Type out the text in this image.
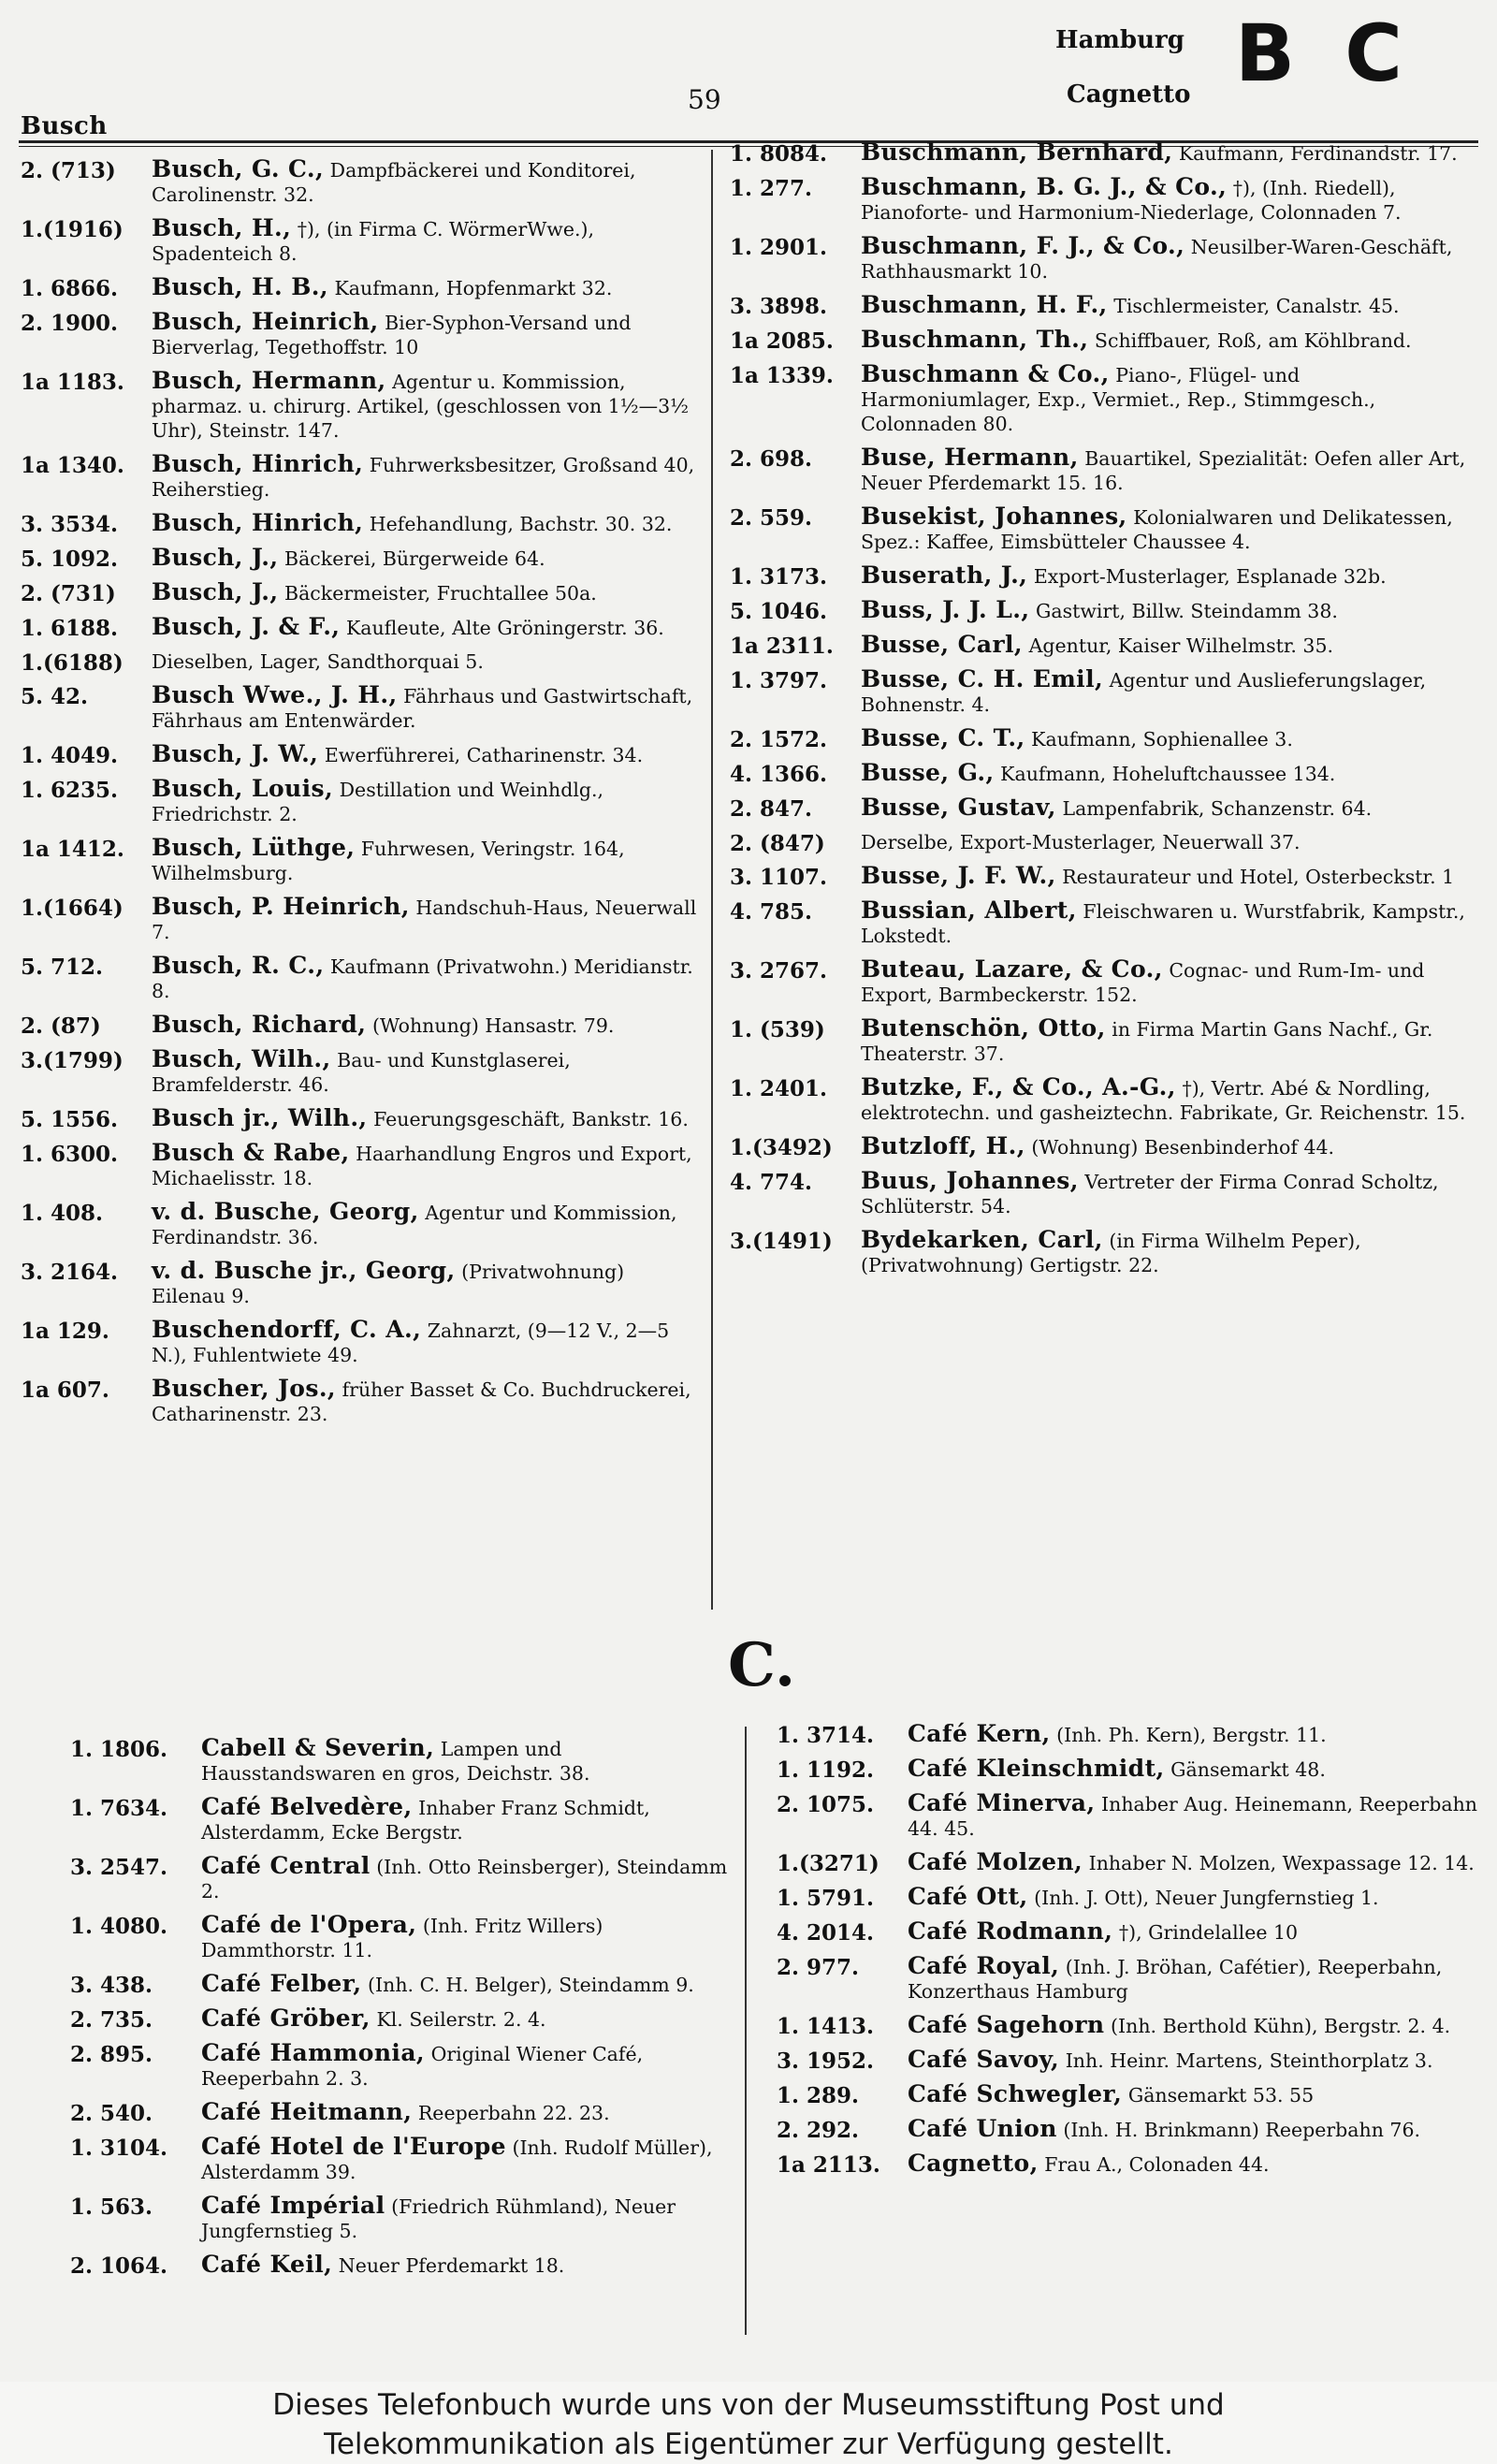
Busch
59
Hamburg
Cagnetto B C
2. (713)	Busch, G. C., Dampfbäckerei und Konditorei, Carolinenstr. 32.
1.(1916)	Busch, H., †), (in Firma C. WörmerWwe.), Spadenteich 8.
1. 6866.	Busch, H. B., Kaufmann, Hopfenmarkt 32.
2. 1900.	Busch, Heinrich, Bier-Syphon-Versand und Bierverlag, Tegethoffstr. 10
1a 1183.	Busch, Hermann, Agentur u. Kommission, pharmaz. u. chirurg. Artikel, (geschlossen von 1½—3½ Uhr), Steinstr. 147.
1a 1340.	Busch, Hinrich, Fuhrwerksbesitzer, Großsand 40, Reiherstieg.
3. 3534.	Busch, Hinrich, Hefehandlung, Bachstr. 30. 32.
5. 1092.	Busch, J., Bäckerei, Bürgerweide 64.
2. (731)	Busch, J., Bäckermeister, Fruchtallee 50a.
1. 6188.	Busch, J. & F., Kaufleute, Alte Gröningerstr. 36.
1.(6188)	Dieselben, Lager, Sandthorquai 5.
5. 42.	Busch Wwe., J. H., Fährhaus und Gastwirtschaft, Fährhaus am Entenwärder.
1. 4049.	Busch, J. W., Ewerführerei, Catharinenstr. 34.
1. 6235.	Busch, Louis, Destillation und Weinhdlg., Friedrichstr. 2.
1a 1412.	Busch, Lüthge, Fuhrwesen, Veringstr. 164, Wilhelmsburg.
1.(1664)	Busch, P. Heinrich, Handschuh-Haus, Neuerwall 7.
5. 712.	Busch, R. C., Kaufmann (Privatwohn.) Meridianstr. 8.
2. (87)	Busch, Richard, (Wohnung) Hansastr. 79.
3.(1799)	Busch, Wilh., Bau- und Kunstglaserei, Bramfelderstr. 46.
5. 1556.	Busch jr., Wilh., Feuerungsgeschäft, Bankstr. 16.
1. 6300.	Busch & Rabe, Haarhandlung Engros und Export, Michaelisstr. 18.
1. 408.	v. d. Busche, Georg, Agentur und Kommission, Ferdinandstr. 36.
3. 2164.	v. d. Busche jr., Georg, (Privatwohnung) Eilenau 9.
1a 129.	Buschendorff, C. A., Zahnarzt, (9—12 V., 2—5 N.), Fuhlentwiete 49.
1a 607.	Buscher, Jos., früher Basset & Co. Buchdruckerei, Catharinenstr. 23.
1. 8084.	Buschmann, Bernhard, Kaufmann, Ferdinandstr. 17.
1. 277.	Buschmann, B. G. J., & Co., †), (Inh. Riedell), Pianoforte- und Harmonium-Niederlage, Colonnaden 7.
1. 2901.	Buschmann, F. J., & Co., Neusilber-Waren-Geschäft, Rathhausmarkt 10.
3. 3898.	Buschmann, H. F., Tischlermeister, Canalstr. 45.
1a 2085.	Buschmann, Th., Schiffbauer, Roß, am Köhlbrand.
1a 1339.	Buschmann & Co., Piano-, Flügel- und Harmoniumlager, Exp., Vermiet., Rep., Stimmgesch., Colonnaden 80.
2. 698.	Buse, Hermann, Bauartikel, Spezialität: Oefen aller Art, Neuer Pferdemarkt 15. 16.
2. 559.	Busekist, Johannes, Kolonialwaren und Delikatessen, Spez.: Kaffee, Eimsbütteler Chaussee 4.
1. 3173.	Buserath, J., Export-Musterlager, Esplanade 32b.
5. 1046.	Buss, J. J. L., Gastwirt, Billw. Steindamm 38.
1a 2311.	Busse, Carl, Agentur, Kaiser Wilhelmstr. 35.
1. 3797.	Busse, C. H. Emil, Agentur und Auslieferungslager, Bohnenstr. 4.
2. 1572.	Busse, C. T., Kaufmann, Sophienallee 3.
4. 1366.	Busse, G., Kaufmann, Hoheluftchaussee 134.
2. 847.	Busse, Gustav, Lampenfabrik, Schanzenstr. 64.
2. (847)	Derselbe, Export-Musterlager, Neuerwall 37.
3. 1107.	Busse, J. F. W., Restaurateur und Hotel, Osterbeckstr. 1
4. 785.	Bussian, Albert, Fleischwaren u. Wurstfabrik, Kampstr., Lokstedt.
3. 2767.	Buteau, Lazare, & Co., Cognac- und Rum-Im- und Export, Barmbeckerstr. 152.
1. (539)	Butenschön, Otto, in Firma Martin Gans Nachf., Gr. Theaterstr. 37.
1. 2401.	Butzke, F., & Co., A.-G., †), Vertr. Abé & Nordling, elektrotechn. und gasheiztechn. Fabrikate, Gr. Reichenstr. 15.
1.(3492)	Butzloff, H., (Wohnung) Besenbinderhof 44.
4. 774.	Buus, Johannes, Vertreter der Firma Conrad Scholtz, Schlüterstr. 54.
3.(1491)	Bydekarken, Carl, (in Firma Wilhelm Peper), (Privatwohnung) Gertigstr. 22.
C.
1. 1806.	Cabell & Severin, Lampen und Hausstandswaren en gros, Deichstr. 38.
1. 7634.	Café Belvedère, Inhaber Franz Schmidt, Alsterdamm, Ecke Bergstr.
3. 2547.	Café Central (Inh. Otto Reinsberger), Steindamm 2.
1. 4080.	Café de l'Opera, (Inh. Fritz Willers) Dammthorstr. 11.
3. 438.	Café Felber, (Inh. C. H. Belger), Steindamm 9.
2. 735.	Café Gröber, Kl. Seilerstr. 2. 4.
2. 895.	Café Hammonia, Original Wiener Café, Reeperbahn 2. 3.
2. 540.	Café Heitmann, Reeperbahn 22. 23.
1. 3104.	Café Hotel de l'Europe (Inh. Rudolf Müller), Alsterdamm 39.
1. 563.	Café Impérial (Friedrich Rühmland), Neuer Jungfernstieg 5.
2. 1064.	Café Keil, Neuer Pferdemarkt 18.
1. 3714.	Café Kern, (Inh. Ph. Kern), Bergstr. 11.
1. 1192.	Café Kleinschmidt, Gänsemarkt 48.
2. 1075.	Café Minerva, Inhaber Aug. Heinemann, Reeperbahn 44. 45.
1.(3271)	Café Molzen, Inhaber N. Molzen, Wexpassage 12. 14.
1. 5791.	Café Ott, (Inh. J. Ott), Neuer Jungfernstieg 1.
4. 2014.	Café Rodmann, †), Grindelallee 10
2. 977.	Café Royal, (Inh. J. Bröhan, Cafétier), Reeperbahn, Konzerthaus Hamburg
1. 1413.	Café Sagehorn (Inh. Berthold Kühn), Bergstr. 2. 4.
3. 1952.	Café Savoy, Inh. Heinr. Martens, Steinthorplatz 3.
1. 289.	Café Schwegler, Gänsemarkt 53. 55
2. 292.	Café Union (Inh. H. Brinkmann) Reeperbahn 76.
1a 2113.	Cagnetto, Frau A., Colonaden 44.
Dieses Telefonbuch wurde uns von der Museumsstiftung Post und
Telekommunikation als Eigentümer zur Verfügung gestellt.
